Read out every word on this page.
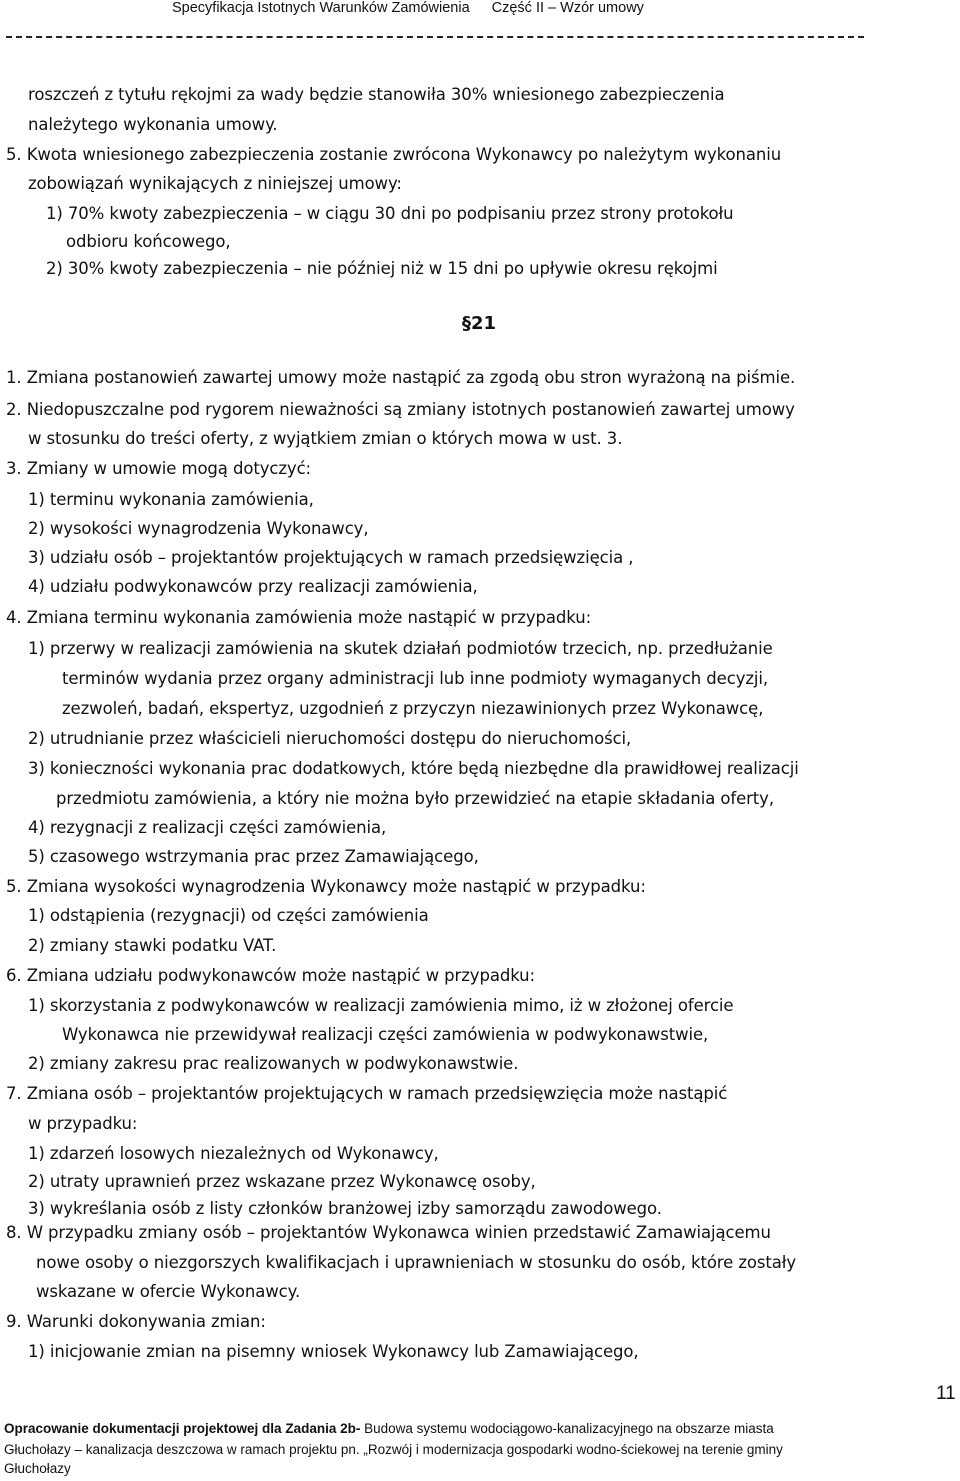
Specyfikacja Istotnych Warunków Zamówienia Część II – Wzór umowy
roszczeń z tytułu rękojmi za wady będzie stanowiła 30% wniesionego zabezpieczenia
należytego wykonania umowy.
5. Kwota wniesionego zabezpieczenia zostanie zwrócona Wykonawcy po należytym wykonaniu
zobowiązań wynikających z niniejszej umowy:
1) 70% kwoty zabezpieczenia – w ciągu 30 dni po podpisaniu przez strony protokołu
odbioru końcowego,
2) 30% kwoty zabezpieczenia – nie później niż w 15 dni po upływie okresu rękojmi
§21
1. Zmiana postanowień zawartej umowy może nastąpić za zgodą obu stron wyrażoną na piśmie.
2. Niedopuszczalne pod rygorem nieważności są zmiany istotnych postanowień zawartej umowy
w stosunku do treści oferty, z wyjątkiem zmian o których mowa w ust. 3.
3. Zmiany w umowie mogą dotyczyć:
1) terminu wykonania zamówienia,
2) wysokości wynagrodzenia Wykonawcy,
3) udziału osób – projektantów projektujących w ramach przedsięwzięcia ,
4) udziału podwykonawców przy realizacji zamówienia,
4. Zmiana terminu wykonania zamówienia może nastąpić w przypadku:
1) przerwy w realizacji zamówienia na skutek działań podmiotów trzecich, np. przedłużanie
terminów wydania przez organy administracji lub inne podmioty wymaganych decyzji,
zezwoleń, badań, ekspertyz, uzgodnień z przyczyn niezawinionych przez Wykonawcę,
2) utrudnianie przez właścicieli nieruchomości dostępu do nieruchomości,
3) konieczności wykonania prac dodatkowych, które będą niezbędne dla prawidłowej realizacji
przedmiotu zamówienia, a który nie można było przewidzieć na etapie składania oferty,
4) rezygnacji z realizacji części zamówienia,
5) czasowego wstrzymania prac przez Zamawiającego,
5. Zmiana wysokości wynagrodzenia Wykonawcy może nastąpić w przypadku:
1) odstąpienia (rezygnacji) od części zamówienia
2) zmiany stawki podatku VAT.
6. Zmiana udziału podwykonawców może nastąpić w przypadku:
1) skorzystania z podwykonawców w realizacji zamówienia mimo, iż w złożonej ofercie
Wykonawca nie przewidywał realizacji części zamówienia w podwykonawstwie,
2) zmiany zakresu prac realizowanych w podwykonawstwie.
7. Zmiana osób – projektantów projektujących w ramach przedsięwzięcia może nastąpić
w przypadku:
1) zdarzeń losowych niezależnych od Wykonawcy,
2) utraty uprawnień przez wskazane przez Wykonawcę osoby,
3) wykreślania osób z listy członków branżowej izby samorządu zawodowego.
8. W przypadku zmiany osób – projektantów Wykonawca winien przedstawić Zamawiającemu
nowe osoby o niezgorszych kwalifikacjach i uprawnieniach w stosunku do osób, które zostały
wskazane w ofercie Wykonawcy.
9. Warunki dokonywania zmian:
1) inicjowanie zmian na pisemny wniosek Wykonawcy lub Zamawiającego,
11
Opracowanie dokumentacji projektowej dla Zadania 2b- Budowa systemu wodociągowo-kanalizacyjnego na obszarze miasta
Głuchołazy – kanalizacja deszczowa w ramach projektu pn. „Rozwój i modernizacja gospodarki wodno-ściekowej na terenie gminy
Głuchołazy
